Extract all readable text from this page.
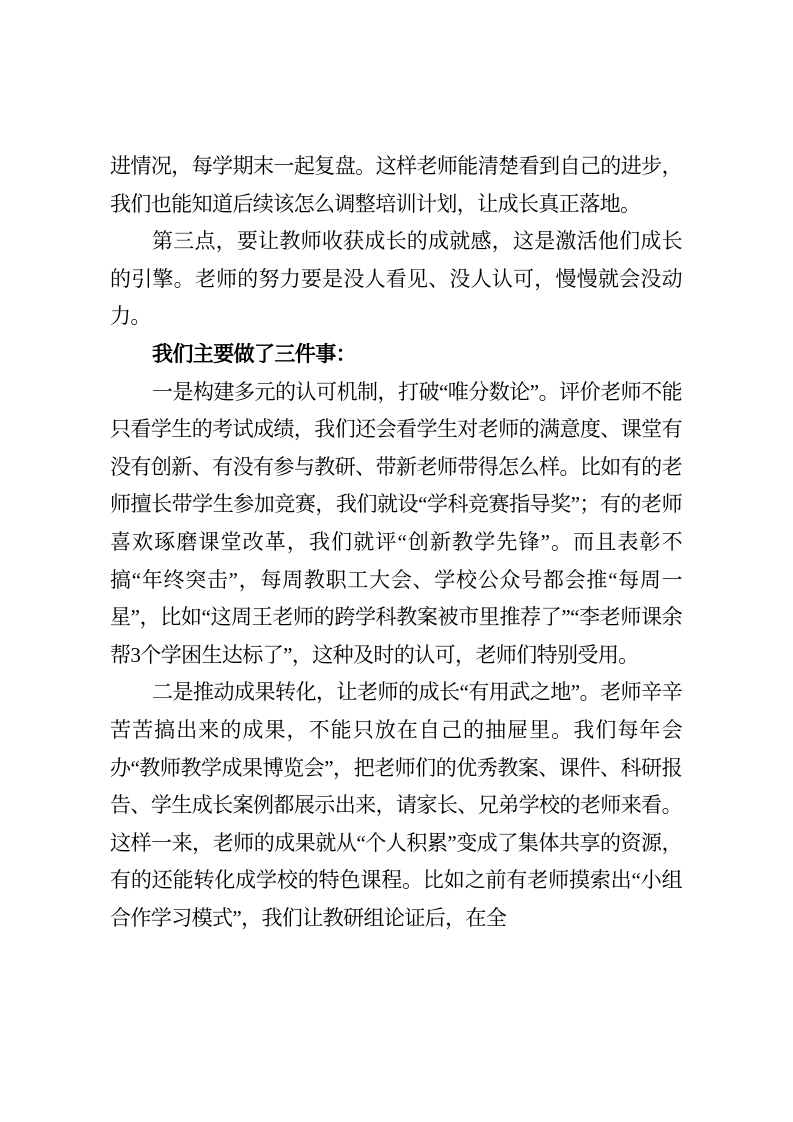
进情况，每学期末一起复盘。这样老师能清楚看到自己的进步，我们也能知道后续该怎么调整培训计划，让成长真正落地。

第三点，要让教师收获成长的成就感，这是激活他们成长的引擎。老师的努力要是没人看见、没人认可，慢慢就会没动力。

我们主要做了三件事：

一是构建多元的认可机制，打破“唯分数论”。评价老师不能只看学生的考试成绩，我们还会看学生对老师的满意度、课堂有没有创新、有没有参与教研、带新老师带得怎么样。比如有的老师擅长带学生参加竞赛，我们就设“学科竞赛指导奖”；有的老师喜欢琢磨课堂改革，我们就评“创新教学先锋”。而且表彰不搞“年终突击”，每周教职工大会、学校公众号都会推“每周一星”，比如“这周王老师的跨学科教案被市里推荐了”“李老师课余帮3个学困生达标了”，这种及时的认可，老师们特别受用。

二是推动成果转化，让老师的成长“有用武之地”。老师辛辛苦苦搞出来的成果，不能只放在自己的抽屉里。我们每年会办“教师教学成果博览会”，把老师们的优秀教案、课件、科研报告、学生成长案例都展示出来，请家长、兄弟学校的老师来看。这样一来，老师的成果就从“个人积累”变成了集体共享的资源，有的还能转化成学校的特色课程。比如之前有老师摸索出“小组合作学习模式”，我们让教研组论证后，在全
